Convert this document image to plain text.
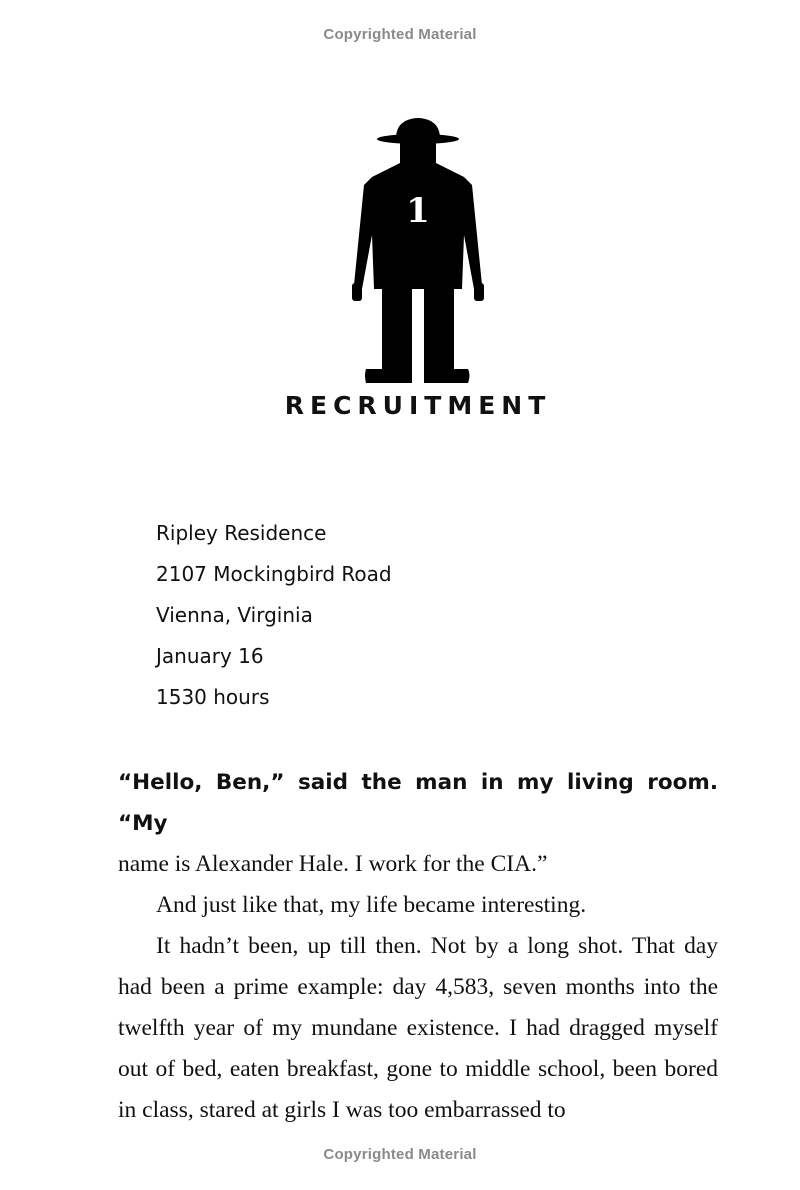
Copyrighted Material
1
RECRUITMENT
Ripley Residence
2107 Mockingbird Road
Vienna, Virginia
January 16
1530 hours

“Hello, Ben,” said the man in my living room. “My

name is Alexander Hale. I work for the CIA.”

And just like that, my life became interesting.

It hadn’t been, up till then. Not by a long shot. That day had been a prime example: day 4,583, seven months into the twelfth year of my mundane existence. I had dragged myself out of bed, eaten breakfast, gone to middle school, been bored in class, stared at girls I was too embarrassed to

Copyrighted Material
